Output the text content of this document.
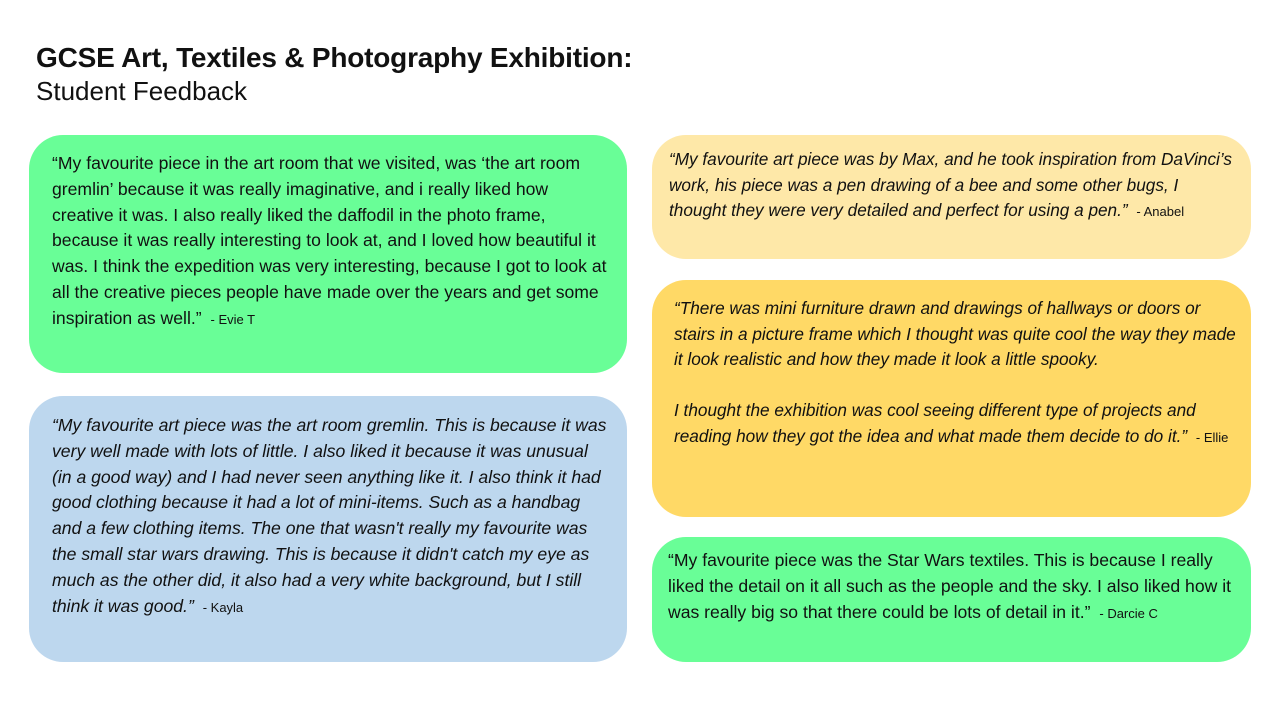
GCSE Art, Textiles & Photography Exhibition:
Student Feedback

“My favourite piece in the art room that we visited, was ‘the art room gremlin’ because it was really imaginative, and i really liked how creative it was. I also really liked the daffodil in the photo frame, because it was really interesting to look at, and I loved how beautiful it was. I think the expedition was very interesting, because I got to look at all the creative pieces people have made over the years and get some inspiration as well.” - Evie T

“My favourite art piece was the art room gremlin. This is because it was very well made with lots of little. I also liked it because it was unusual (in a good way) and I had never seen anything like it. I also think it had good clothing because it had a lot of mini-items. Such as a handbag and a few clothing items. The one that wasn't really my favourite was the small star wars drawing. This is because it didn't catch my eye as much as the other did, it also had a very white background, but I still think it was good.” - Kayla

“My favourite art piece was by Max, and he took inspiration from DaVinci’s work, his piece was a pen drawing of a bee and some other bugs, I thought they were very detailed and perfect for using a pen.” - Anabel

“There was mini furniture drawn and drawings of hallways or doors or stairs in a picture frame which I thought was quite cool the way they made it look realistic and how they made it look a little spooky.

I thought the exhibition was cool seeing different type of projects and reading how they got the idea and what made them decide to do it.” - Ellie

“My favourite piece was the Star Wars textiles. This is because I really liked the detail on it all such as the people and the sky. I also liked how it was really big so that there could be lots of detail in it.” - Darcie C
